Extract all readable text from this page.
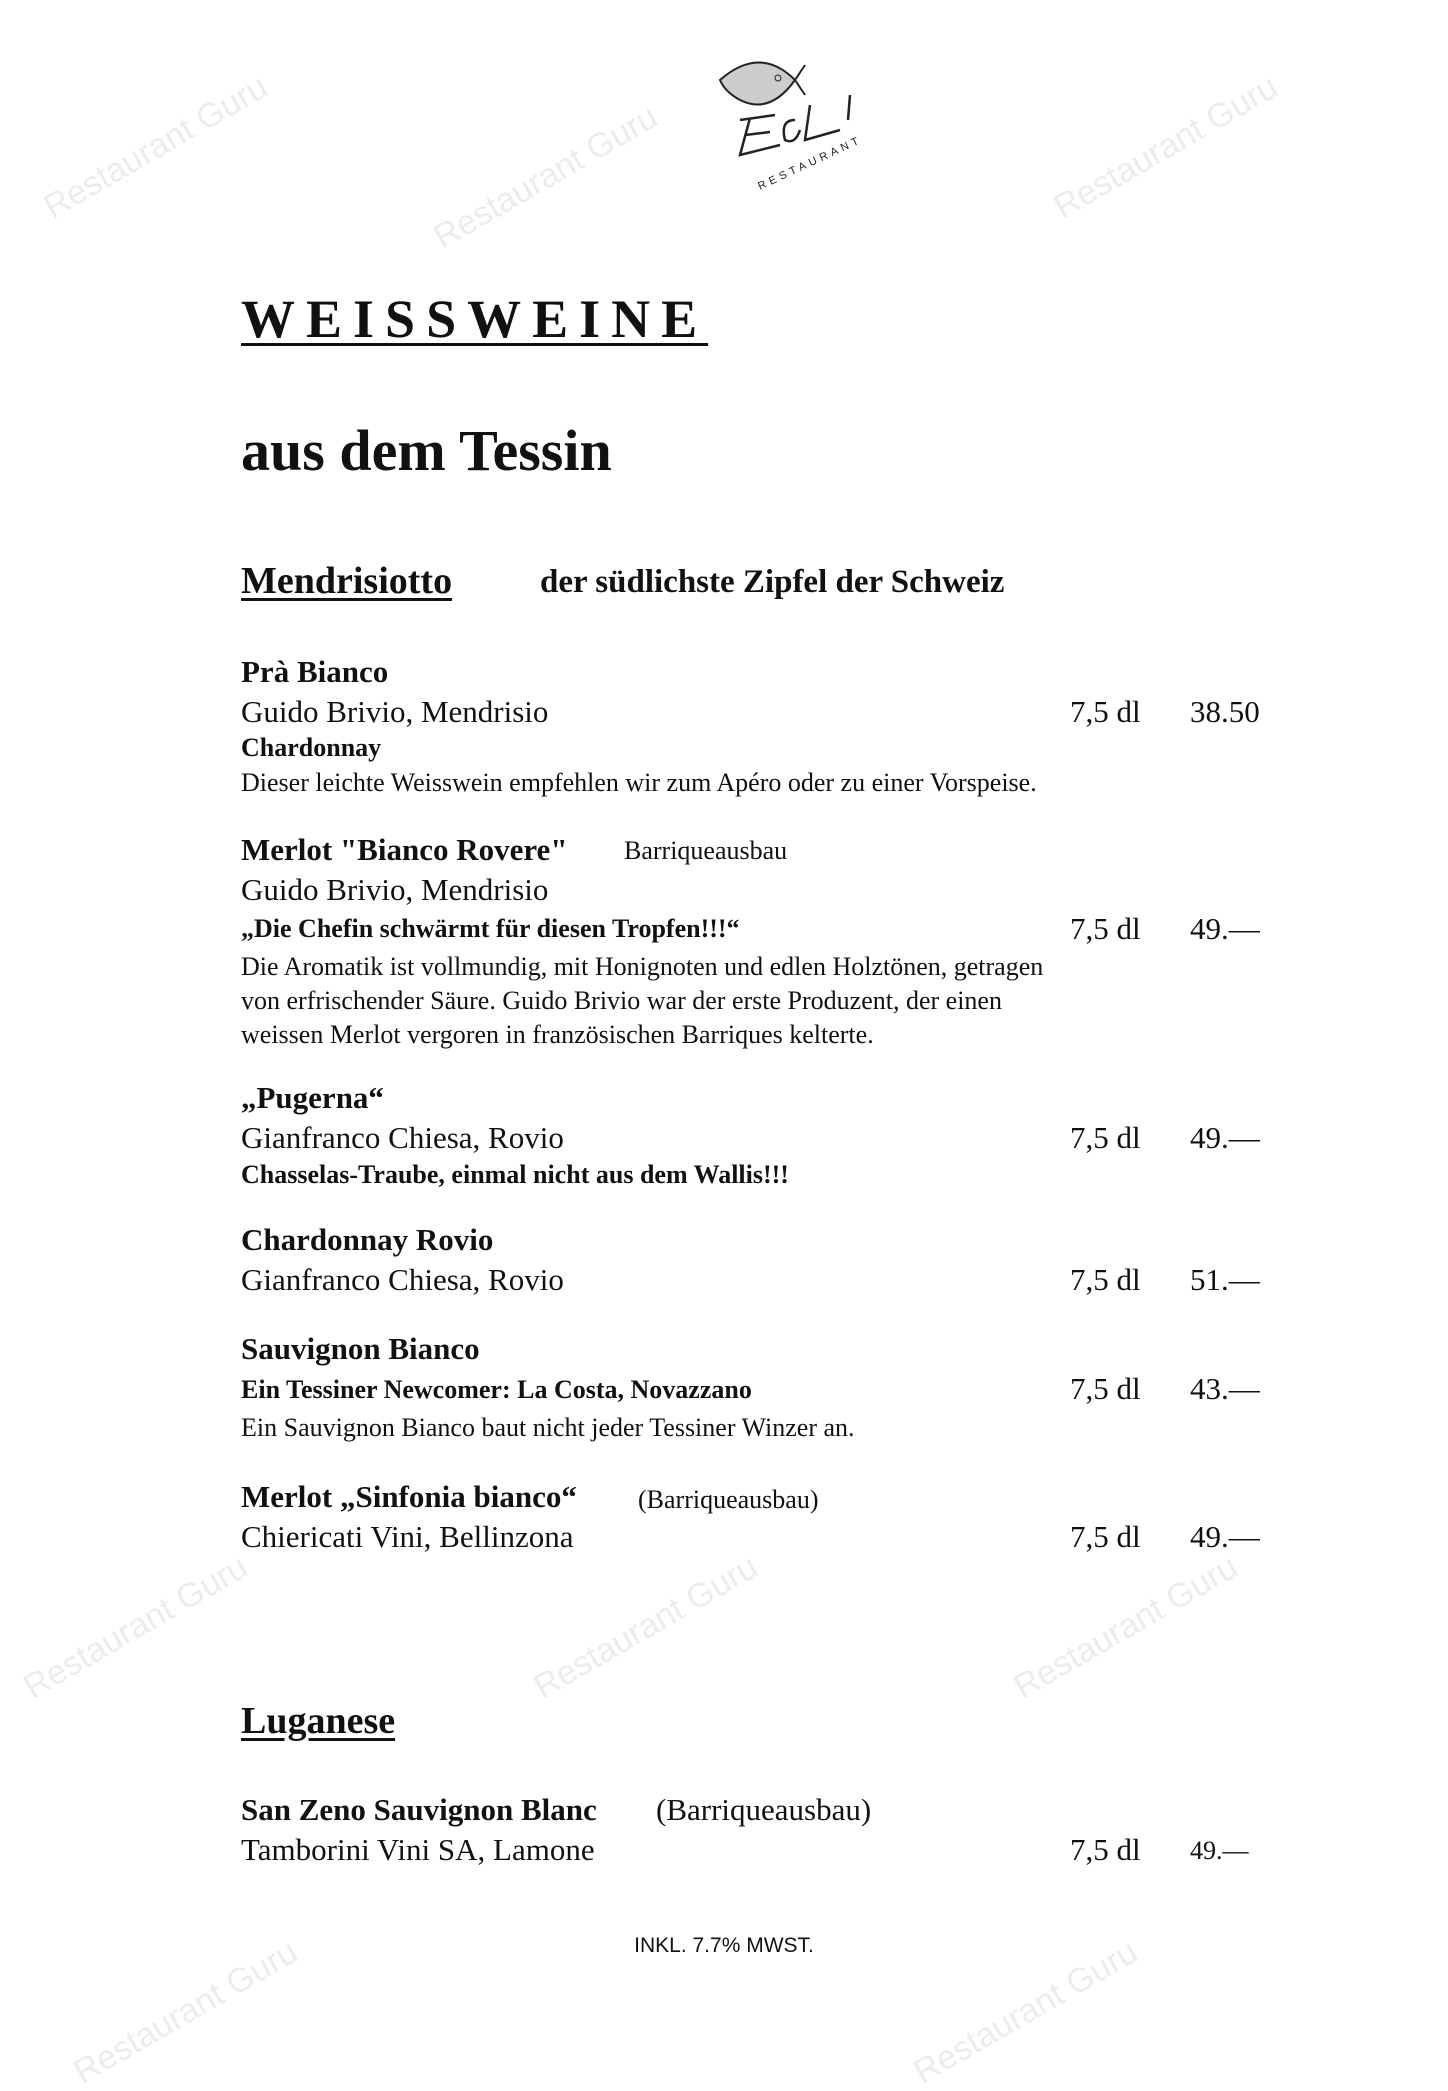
Restaurant Guru	Restaurant Guru	Restaurant Guru
Restaurant Guru	Restaurant Guru	Restaurant Guru
Restaurant Guru	Restaurant Guru
RESTAURANT
WEISSWEINE
aus dem Tessin
Mendrisiotto	der südlichste Zipfel der Schweiz
Prà Bianco
Guido Brivio, Mendrisio	7,5 dl 38.50
Chardonnay
Dieser leichte Weisswein empfehlen wir zum Apéro oder zu einer Vorspeise.
Merlot "Bianco Rovere" Barriqueausbau
Guido Brivio, Mendrisio
„Die Chefin schwärmt für diesen Tropfen!!!“	7,5 dl 49.—
Die Aromatik ist vollmundig, mit Honignoten und edlen Holztönen, getragen
von erfrischender Säure. Guido Brivio war der erste Produzent, der einen
weissen Merlot vergoren in französischen Barriques kelterte.
„Pugerna“
Gianfranco Chiesa, Rovio	7,5 dl 49.—
Chasselas-Traube, einmal nicht aus dem Wallis!!!
Chardonnay Rovio
Gianfranco Chiesa, Rovio	7,5 dl 51.—
Sauvignon Bianco
Ein Tessiner Newcomer: La Costa, Novazzano	7,5 dl 43.—
Ein Sauvignon Bianco baut nicht jeder Tessiner Winzer an.
Merlot „Sinfonia bianco“ (Barriqueausbau)
Chiericati Vini, Bellinzona	7,5 dl 49.—
Luganese
San Zeno Sauvignon Blanc (Barriqueausbau)
Tamborini Vini SA, Lamone	7,5 dl 49.—
INKL. 7.7% MWST.
